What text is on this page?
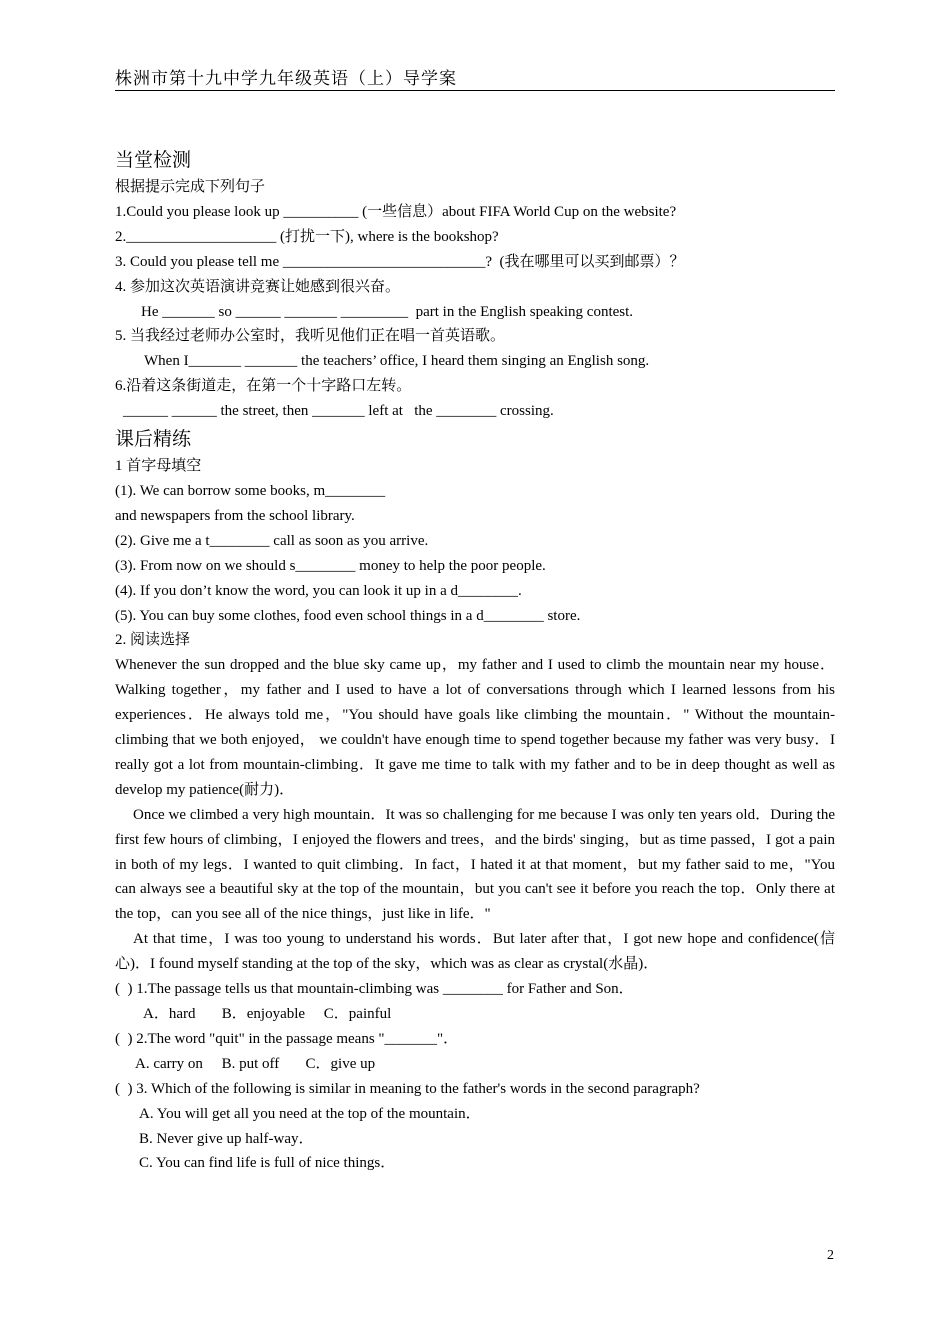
株洲市第十九中学九年级英语（上）导学案
当堂检测
根据提示完成下列句子
1.Could you please look up __________ (一些信息）about FIFA World Cup on the website?
2.____________________ (打扰一下), where is the bookshop?
3. Could you please tell me ___________________________?  (我在哪里可以买到邮票）？
4. 参加这次英语演讲竞赛让她感到很兴奋。
He _______ so ______ _______ _________  part in the English speaking contest.
5. 当我经过老师办公室时，我听见他们正在唱一首英语歌。
When I_______ _______ the teachers’ office, I heard them singing an English song.
6.沿着这条街道走，在第一个十字路口左转。
______ ______ the street, then _______ left at   the ________ crossing.
课后精练
1 首字母填空
(1). We can borrow some books, m________
and newspapers from the school library.
(2). Give me a t________ call as soon as you arrive.
(3). From now on we should s________ money to help the poor people.
(4). If you don’t know the word, you can look it up in a d________.
(5). You can buy some clothes, food even school things in a d________ store.
2. 阅读选择
Whenever the sun dropped and the blue sky came up，my father and I used to climb the mountain near my house．Walking together，my father and I used to have a lot of conversations through which I learned lessons from his experiences．He always told me，"You should have goals like climbing the mountain．" Without the mountain-climbing that we both enjoyed， we couldn't have enough time to spend together because my father was very busy．I really got a lot from mountain-climbing．It gave me time to talk with my father and to be in deep thought as well as develop my patience(耐力)．
Once we climbed a very high mountain．It was so challenging for me because I was only ten years old．During the first few hours of climbing，I enjoyed the flowers and trees，and the birds' singing，but as time passed，I got a pain in both of my legs．I wanted to quit climbing．In fact，I hated it at that moment，but my father said to me，"You can always see a beautiful sky at the top of the mountain，but you can't see it before you reach the top．Only there at the top，can you see all of the nice things，just like in life．"
At that time，I was too young to understand his words．But later after that，I got new hope and confidence(信心)．I found myself standing at the top of the sky，which was as clear as crystal(水晶)．
(  ) 1.The passage tells us that mountain-climbing was ________ for Father and Son．
A．hard       B．enjoyable     C．painful
(  ) 2.The word "quit" in the passage means "_______"．
A. carry on     B. put off       C．give up
(  ) 3. Which of the following is similar in meaning to the father's words in the second paragraph?
A. You will get all you need at the top of the mountain．
B. Never give up half-way．
C. You can find life is full of nice things．
2
